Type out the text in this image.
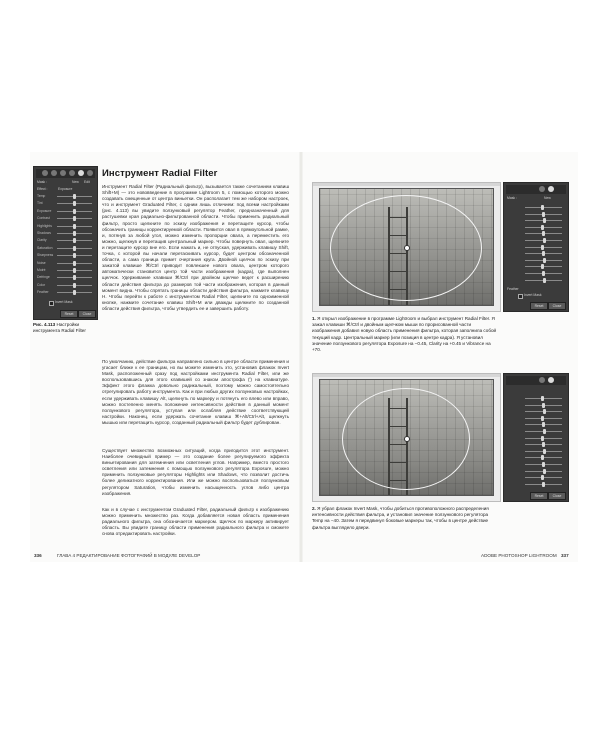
Mask :	New Edit
Effect :	Exposure
Temp
Tint
Exposure
Contrast
Highlights
Shadows
Clarity
Saturation
Sharpness
Noise
Moiré
Defringe
Color
Feather
Invert Mask
Reset	Close
Рис. 4.113 Настройки инструмента Radial Filter
Инструмент Radial Filter
Инструмент Radial Filter (Радиальный фильтр), вызывается также сочетанием клавиш Shift+M) — это нововведение в программе Lightroom 5, с помощью которого можно создавать смещенные от центра виньетки. Он располагает тем же набором настроек, что и инструмент Graduated Filter, с одним лишь отличием: под всеми настройками (рис. 4.113) вы увидите ползунковый регулятор Feather, предназначенный для растушевки края радиально-фильтрованной области. Чтобы применить радиальный фильтр, просто щелкните по эскизу изображения и перетащите курсор, чтобы обозначить границы корректируемой области. Появится овал в прямоугольной рамке, и, потянув за любой угол, можно изменить пропорции овала, а переместить его можно, щелкнув и перетащив центральный маркер. Чтобы повернуть овал, щелкните и перетащите курсор вне его. Если нажать и, не отпуская, удерживать клавишу Shift, точка, с которой вы начали перетаскивать курсор, будет центром обозначенной области, а сама граница примет очертания круга. Двойной щелчок по эскизу при зажатой клавише ⌘/Ctrl приводит повлекшее нового овала, центром которого автоматически становится центр той части изображения (кадра), где выполнен щелчок. Удерживание клавиши ⌘/Ctrl при двойном щелчке ведет к расширению области действия фильтра до размеров той части изображения, которая в данный момент видна. Чтобы спрятать границы области действия фильтра, нажмите клавишу H. Чтобы перейти к работе с инструментом Radial Filter, щелкните по одноименной кнопке, нажмите сочетание клавиш Shift+M или дважды щелкните по созданной области действия фильтра, чтобы утвердить ее и завершить работу.
По умолчанию, действие фильтра направлено сильно в центре области применения и угасает ближе к ее границам, но вы можете изменить это, установив флажок Invert Mask, расположенный сразу под настройками инструмента Radial Filter, или же воспользовавшись для этого клавишей со знаком апострофа (') на клавиатуре. Эффект этого флажка довольно радикальный, поэтому можно самостоятельно отрегулировать работу инструмента. Как и при любых других ползунковых настройках, если удерживать клавишу Alt, щелкнуть по маркеру и потянуть его влево или вправо, можно постепенно менять положение интенсивности действия в данный момент ползункового регулятора, уступая или ослабляя действие соответствующей настройки. Наконец, если удержать сочетание клавиш ⌘+Alt/Ctrl+Alt, щелкнуть мышью или перетащить курсор, созданный радиальный фильтр будет дублирован.
Существует множество возможных ситуаций, когда пригодится этот инструмент. Наиболее очевидный пример — это создание более регулируемого эффекта виньетирования для затемнения или осветления углов. Например, вместо простого осветления или затемнения с помощью ползункового регулятора Exposure, можно применить ползунковые регуляторы Highlights или Shadows, что позволит достичь более деликатного корректирования. Или же можно воспользоваться ползунковым регулятором Saturation, чтобы изменить насыщенность углов либо центра изображения.
Как и в случае с инструментом Graduated Filter, радиальный фильтр к изображению можно применить множество раз. Когда добавляется новая область применения радиального фильтра, она обозначается маркером. Щелчок по маркеру активирует область. Вы увидите границу области применения радиального фильтра и сможете снова отредактировать настройки.
336	ГЛАВА 4 РЕДАКТИРОВАНИЕ ФОТОГРАФИЙ В МОДУЛЕ DEVELOP
Mask :	New
Feather
Invert Mask
Reset	Close
1. Я открыл изображение в программе Lightroom и выбрал инструмент Radial Filter. Я зажал клавиши ⌘/Ctrl и двойным щелчком мыши по прорисованной части изображения добавил новую область применения фильтра, которая заполнила собой текущий кадр. Центральный маркер (или позиция в центре кадра). Я установил значение ползункового регулятора Exposure на −0.45, Clarity на +0.45 и Vibrance на +70.
Reset	Close
2. Я убрал флажок Invert Mask, чтобы добиться противоположного распределения интенсивности действия фильтра, и установил значение ползункового регулятора Temp на −40. Затем я передвинул боковые маркеры так, чтобы в центре действие фильтра выглядело двери.
ADOBE PHOTOSHOP LIGHTROOM 337
